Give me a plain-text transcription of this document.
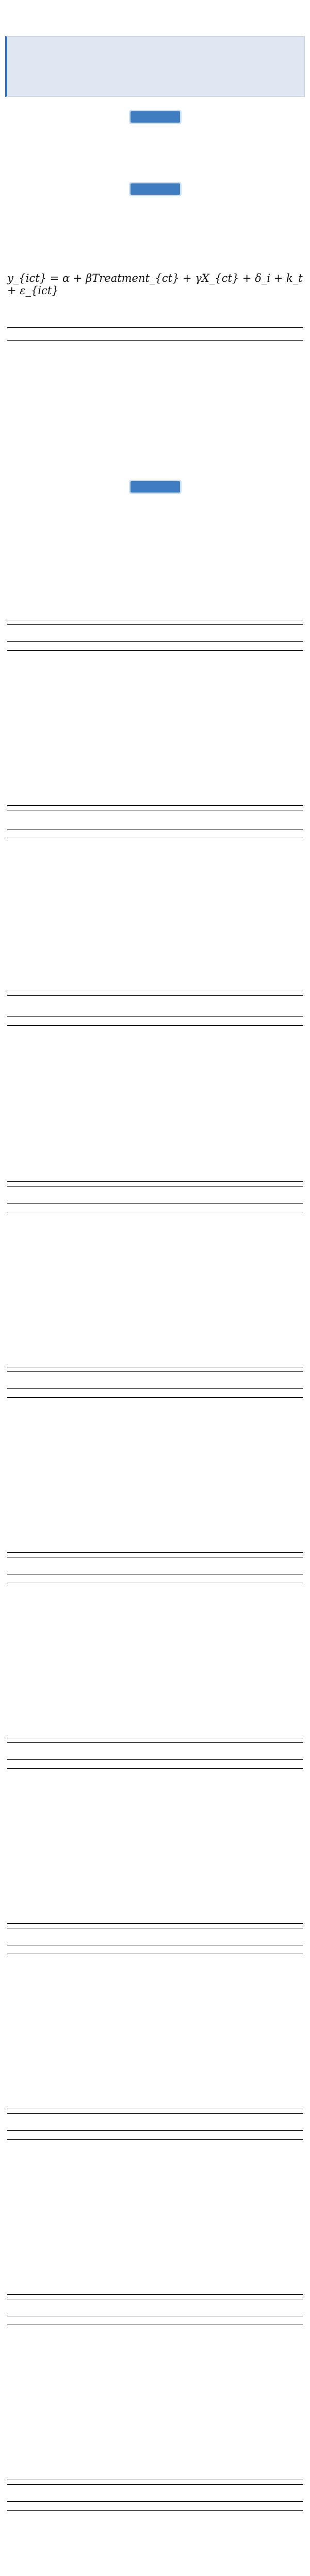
y_{ict} = α + βTreatment_{ct} + γX_{ct} + δ_i + k_t + ε_{ict}
